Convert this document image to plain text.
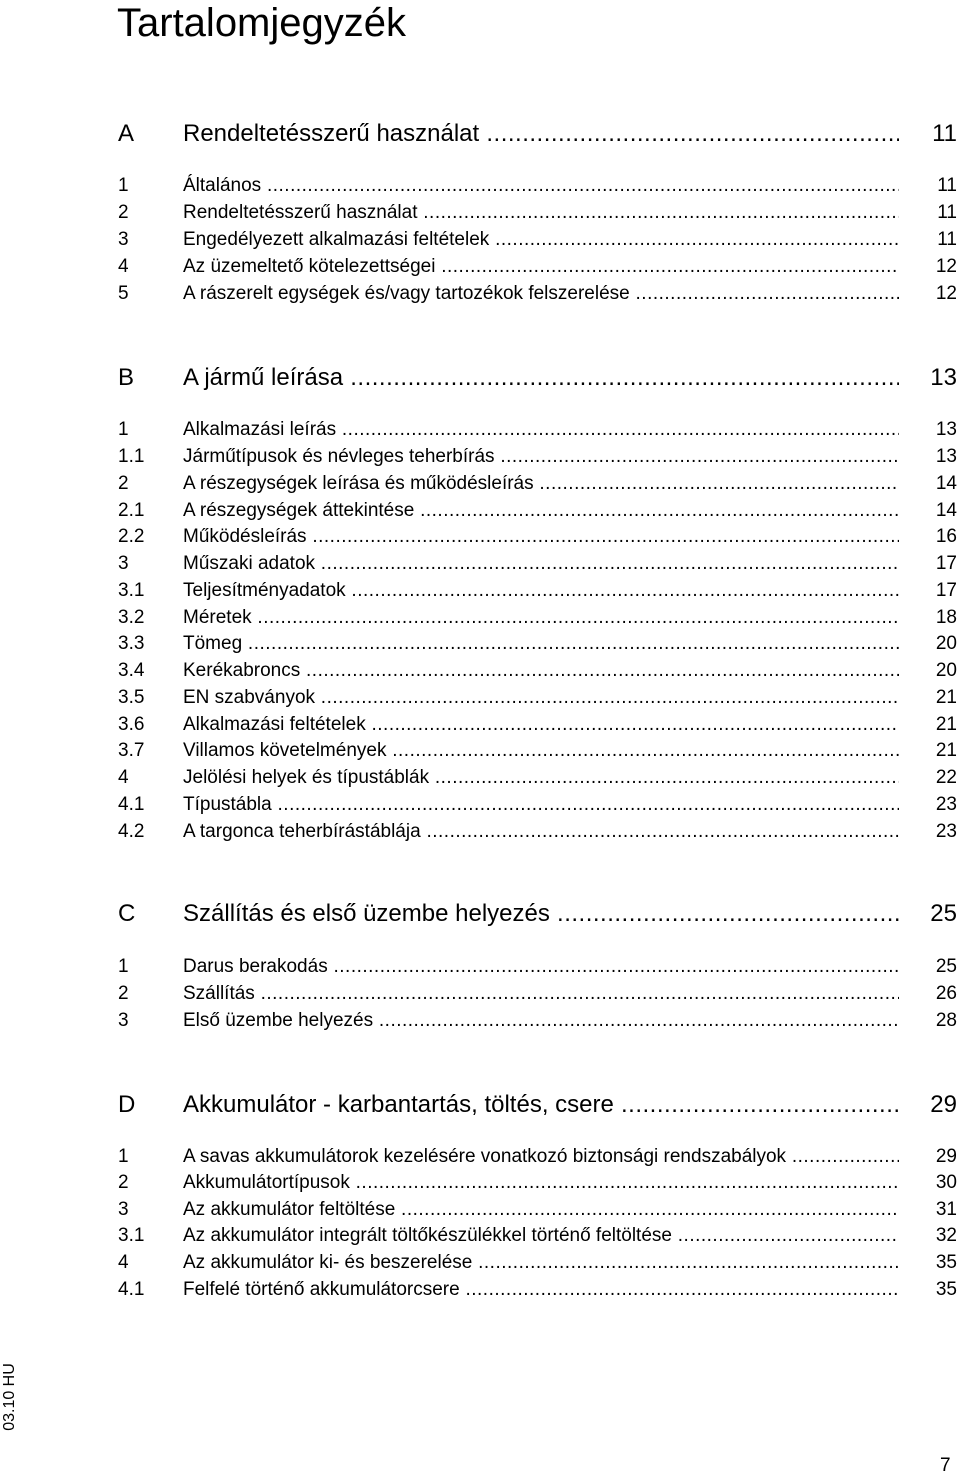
Tartalomjegyzék
A Rendeltetésszerű használat .....	11
1	Általános .....	11
2	Rendeltetésszerű használat .....	11
3	Engedélyezett alkalmazási feltételek .....	11
4	Az üzemeltető kötelezettségei .....	12
5	A rászerelt egységek és/vagy tartozékok felszerelése .....	12
B A jármű leírása .....	13
1	Alkalmazási leírás .....	13
1.1 Járműtípusok és névleges teherbírás .....	13
2	A részegységek leírása és működésleírás .....	14
2.1 A részegységek áttekintése .....	14
2.2 Működésleírás .....	16
3	Műszaki adatok .....	17
3.1 Teljesítményadatok .....	17
3.2 Méretek .....	18
3.3 Tömeg .....	20
3.4 Kerékabroncs .....	20
3.5 EN szabványok .....	21
3.6 Alkalmazási feltételek .....	21
3.7 Villamos követelmények .....	21
4	Jelölési helyek és típustáblák .....	22
4.1 Típustábla .....	23
4.2 A targonca teherbírástáblája .....	23
C Szállítás és első üzembe helyezés .....	25
1	Darus berakodás .....	25
2	Szállítás .....	26
3	Első üzembe helyezés .....	28
D Akkumulátor - karbantartás, töltés, csere .....	29
1	A savas akkumulátorok kezelésére vonatkozó biztonsági rendszabályok .....	29
2	Akkumulátortípusok .....	30
3	Az akkumulátor feltöltése .....	31
3.1 Az akkumulátor integrált töltőkészülékkel történő feltöltése .....	32
4	Az akkumulátor ki- és beszerelése .....	35
4.1 Felfelé történő akkumulátorcsere .....	35
03.10 HU
7
